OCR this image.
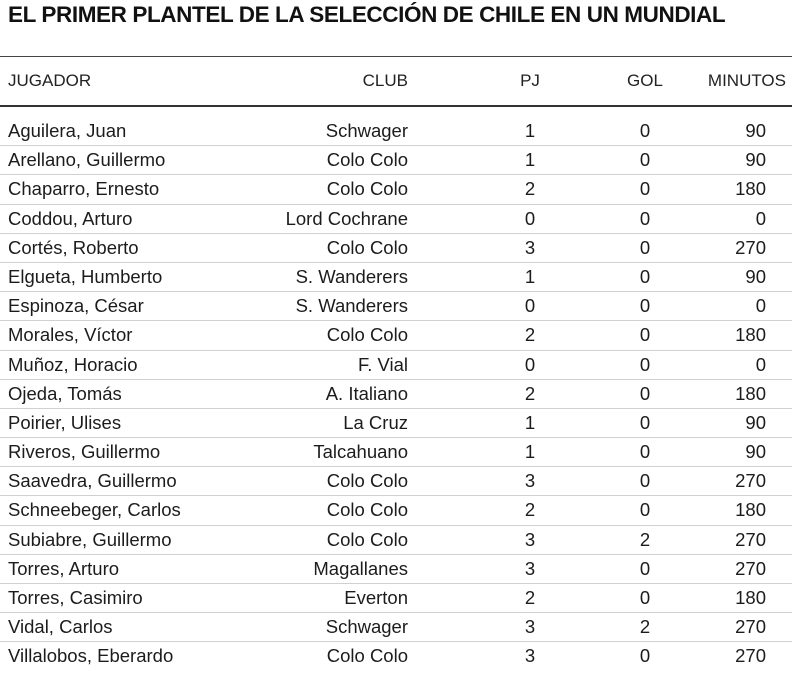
EL PRIMER PLANTEL DE LA SELECCIÓN DE CHILE EN UN MUNDIAL
JUGADOR	CLUB	PJ	GOL	MINUTOS
Aguilera, Juan	Schwager	1	0	90
Arellano, Guillermo	Colo Colo	1	0	90
Chaparro, Ernesto	Colo Colo	2	0	180
Coddou, Arturo	Lord Cochrane	0	0	0
Cortés, Roberto	Colo Colo	3	0	270
Elgueta, Humberto	S. Wanderers	1	0	90
Espinoza, César	S. Wanderers	0	0	0
Morales, Víctor	Colo Colo	2	0	180
Muñoz, Horacio	F. Vial	0	0	0
Ojeda, Tomás	A. Italiano	2	0	180
Poirier, Ulises	La Cruz	1	0	90
Riveros, Guillermo	Talcahuano	1	0	90
Saavedra, Guillermo	Colo Colo	3	0	270
Schneebeger, Carlos	Colo Colo	2	0	180
Subiabre, Guillermo	Colo Colo	3	2	270
Torres, Arturo	Magallanes	3	0	270
Torres, Casimiro	Everton	2	0	180
Vidal, Carlos	Schwager	3	2	270
Villalobos, Eberardo	Colo Colo	3	0	270
